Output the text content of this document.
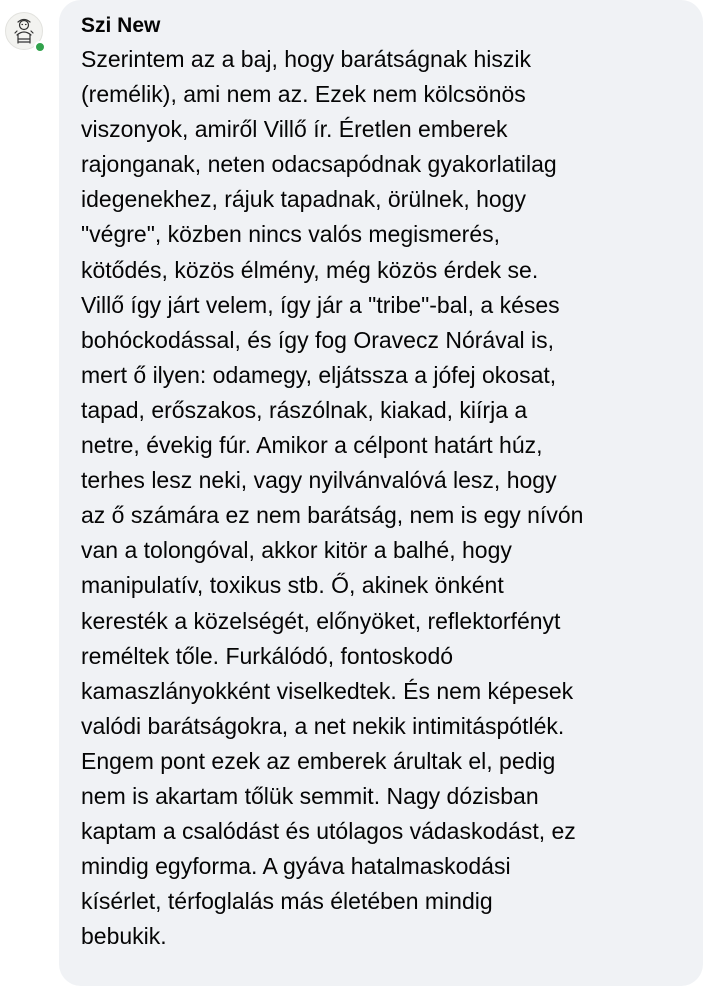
Szi New

Szerintem az a baj, hogy barátságnak hiszik
(remélik), ami nem az. Ezek nem kölcsönös
viszonyok, amiről Villő ír. Éretlen emberek
rajonganak, neten odacsapódnak gyakorlatilag
idegenekhez, rájuk tapadnak, örülnek, hogy
"végre", közben nincs valós megismerés,
kötődés, közös élmény, még közös érdek se.
Villő így járt velem, így jár a "tribe"-bal, a késes
bohóckodással, és így fog Oravecz Nórával is,
mert ő ilyen: odamegy, eljátssza a jófej okosat,
tapad, erőszakos, rászólnak, kiakad, kiírja a
netre, évekig fúr. Amikor a célpont határt húz,
terhes lesz neki, vagy nyilvánvalóvá lesz, hogy
az ő számára ez nem barátság, nem is egy nívón
van a tolongóval, akkor kitör a balhé, hogy
manipulatív, toxikus stb. Ő, akinek önként
keresték a közelségét, előnyöket, reflektorfényt
reméltek tőle. Furkálódó, fontoskodó
kamaszlányokként viselkedtek. És nem képesek
valódi barátságokra, a net nekik intimitáspótlék.
Engem pont ezek az emberek árultak el, pedig
nem is akartam tőlük semmit. Nagy dózisban
kaptam a csalódást és utólagos vádaskodást, ez
mindig egyforma. A gyáva hatalmaskodási
kísérlet, térfoglalás más életében mindig
bebukik.
